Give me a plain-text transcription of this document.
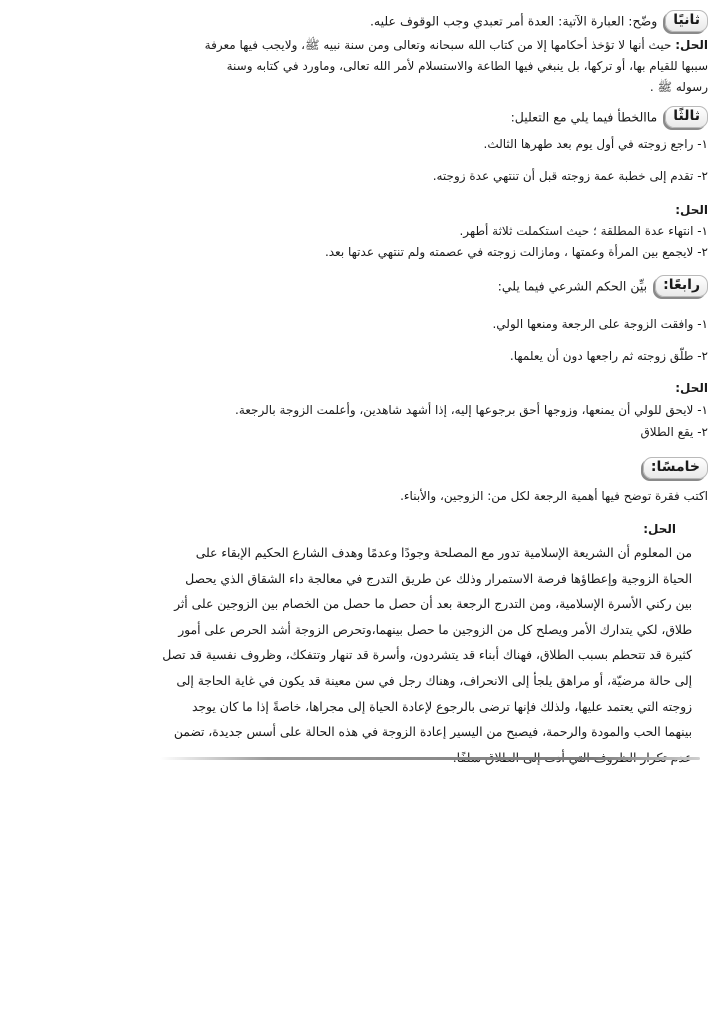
ثانيًاوضّح: العبارة الآتية: العدة أمر تعبدي وجب الوقوف عليه.
الحل: حيث أنها لا تؤخذ أحكامها إلا من كتاب الله سبحانه وتعالى ومن سنة نبيه ﷺ، ولايجب فيها معرفة
سببها للقيام بها، أو تركها، بل ينبغي فيها الطاعة والاستسلام لأمر الله تعالى، وماورد في كتابه وسنة
رسوله ﷺ .
ثالثًاماالخطأ فيما يلي مع التعليل:
١- راجع زوجته في أول يوم بعد طهرها الثالث.
٢- تقدم إلى خطبة عمة زوجته قبل أن تنتهي عدة زوجته.
الحل:
١- انتهاء عدة المطلقة ؛ حيث استكملت ثلاثة أطهر.
٢- لايجمع بين المرأة وعمتها ، ومازالت زوجته في عصمته ولم تنتهي عدتها بعد.
رابعًا:بيِّن الحكم الشرعي فيما يلي:
١- وافقت الزوجة على الرجعة ومنعها الولي.
٢- طلّق زوجته ثم راجعها دون أن يعلمها.
الحل:
١- لايحق للولي أن يمنعها، وزوجها أحق برجوعها إليه، إذا أشهد شاهدين، وأعلمت الزوجة بالرجعة.
٢- يقع الطلاق
خامسًا:
اكتب فقرة توضح فيها أهمية الرجعة لكل من: الزوجين، والأبناء.
الحل:
من المعلوم أن الشريعة الإسلامية تدور مع المصلحة وجودًا وعدمًا وهدف الشارع الحكيم الإبقاء على
الحياة الزوجية وإعطاؤها فرصة الاستمرار وذلك عن طريق التدرج في معالجة داء الشقاق الذي يحصل
بين ركني الأسرة الإسلامية، ومن التدرج الرجعة بعد أن حصل ما حصل من الخصام بين الزوجين على أثر
طلاق، لكي يتدارك الأمر ويصلح كل من الزوجين ما حصل بينهما،وتحرص الزوجة أشد الحرص على أمور
كثيرة قد تتحطم بسبب الطلاق، فهناك أبناء قد يتشردون، وأسرة قد تنهار وتتفكك، وظروف نفسية قد تصل
إلى حالة مرضيّة، أو مراهق يلجأ إلى الانحراف، وهناك رجل في سن معينة قد يكون في غاية الحاجة إلى
زوجته التي يعتمد عليها، ولذلك فإنها ترضى بالرجوع لإعادة الحياة إلى مجراها، خاصةً إذا ما كان يوجد
بينهما الحب والمودة والرحمة، فيصبح من اليسير إعادة الزوجة في هذه الحالة على أسس جديدة، تضمن
